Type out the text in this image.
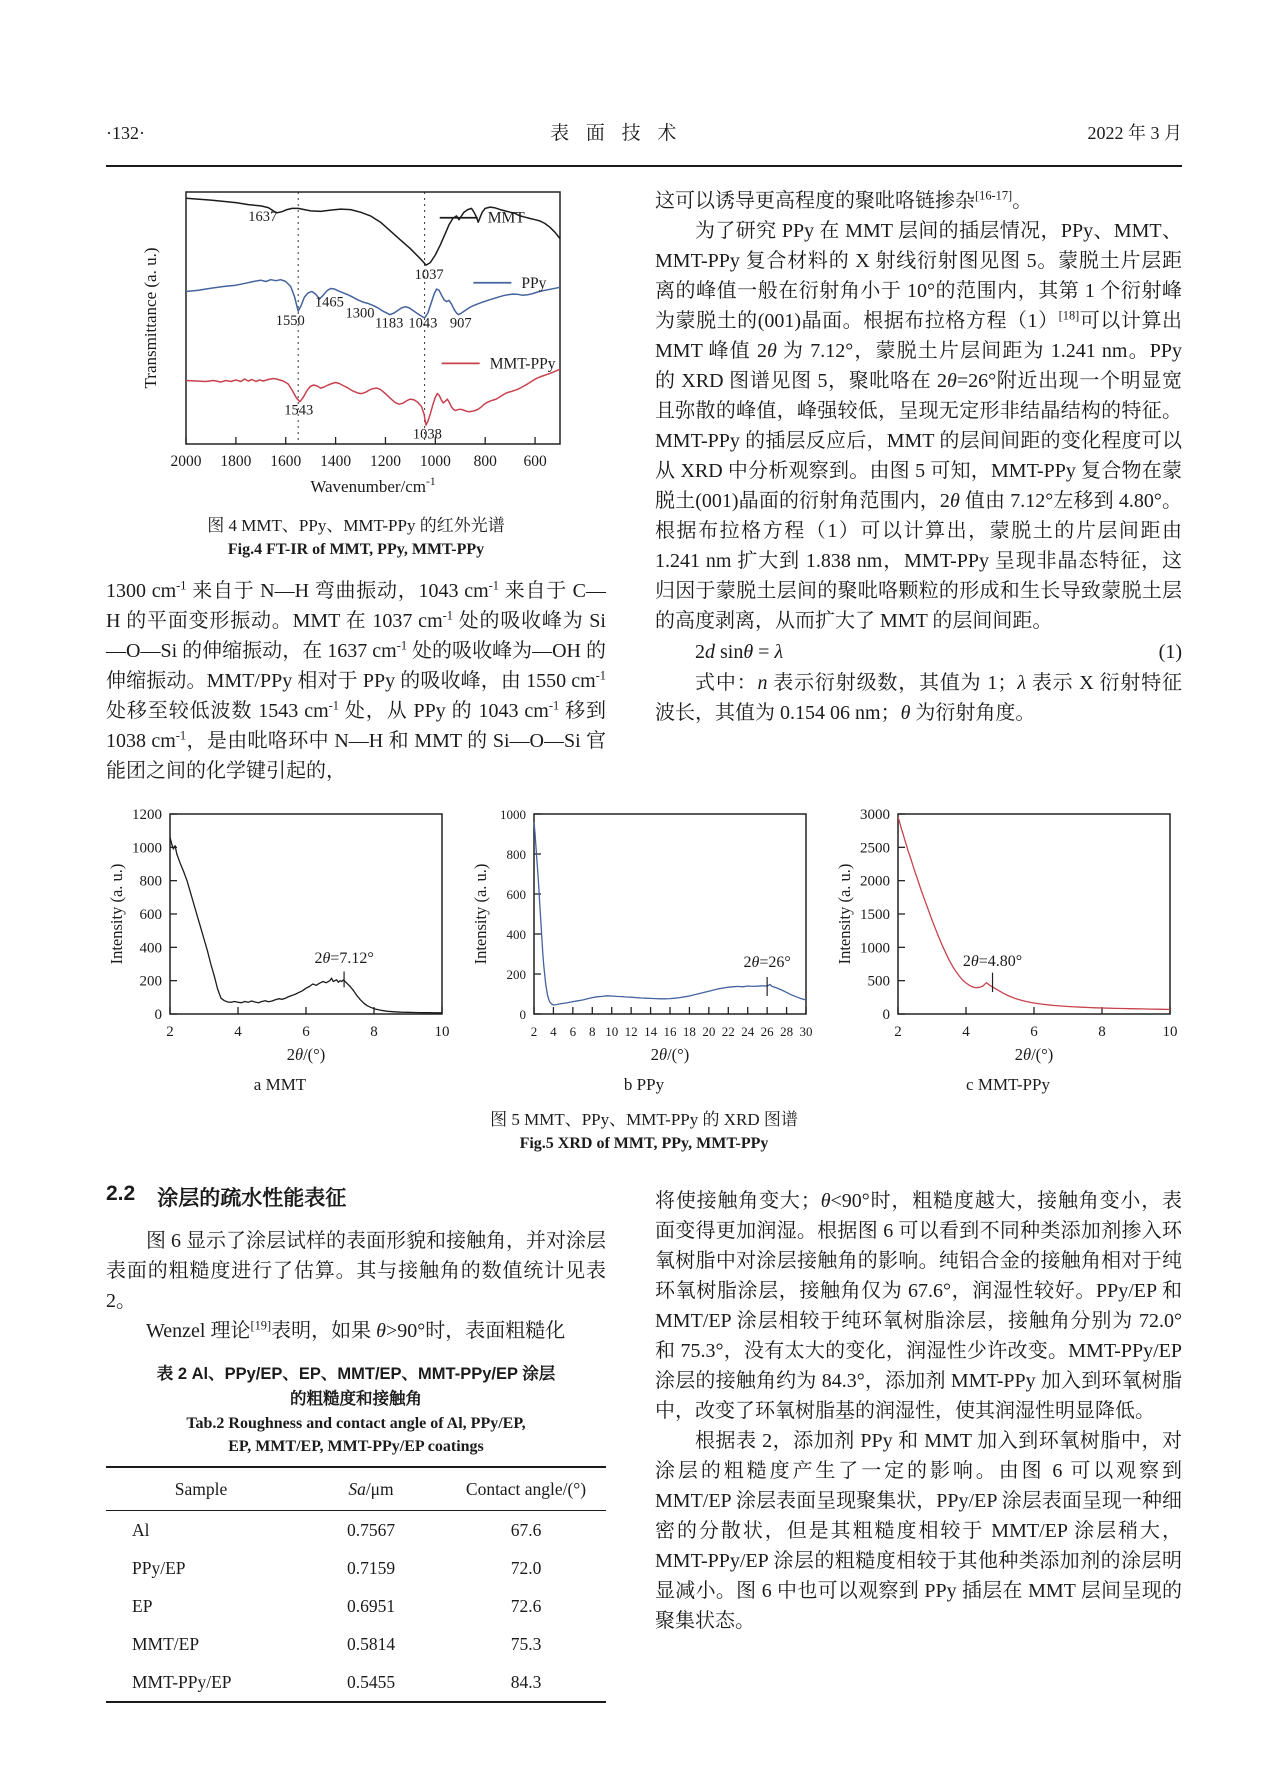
·132·	表 面 技 术	2022 年 3 月
2000 1800 1600 1400 1200 1000 800 600
1637
1037
1550
1465
1300
1183 1043 907
1543
1038
MMT
PPy
MMT-PPy
Wavenumber/$cm^{-1}$
Transmittance (a. u.)
图 4 MMT、PPy、MMT-PPy 的红外光谱
Fig.4 FT-IR of MMT, PPy, MMT-PPy

1300 $cm^{-1}$ 来自于 N—H 弯曲振动，1043 $cm^{-1}$ 来自于 C—H 的平面变形振动。MMT 在 1037 $cm^{-1}$ 处的吸收峰为 Si—O—Si 的伸缩振动，在 1637 $cm^{-1}$ 处的吸收峰为—OH 的伸缩振动。MMT/PPy 相对于 PPy 的吸收峰，由 1550 $cm^{-1}$ 处移至较低波数 1543 $cm^{-1}$ 处，从 PPy 的 1043 $cm^{-1}$ 移到 1038 $cm^{-1}$，是由吡咯环中 N—H 和 MMT 的 Si—O—Si 官能团之间的化学键引起的，

这可以诱导更高程度的聚吡咯链掺杂[16-17]。

为了研究 PPy 在 MMT 层间的插层情况，PPy、MMT、MMT-PPy 复合材料的 X 射线衍射图见图 5。蒙脱土片层距离的峰值一般在衍射角小于 10°的范围内，其第 1 个衍射峰为蒙脱土的(001)晶面。根据布拉格方程（1）[18]可以计算出 MMT 峰值 2θ 为 7.12°，蒙脱土片层间距为 1.241 nm。PPy 的 XRD 图谱见图 5，聚吡咯在 2θ=26°附近出现一个明显宽且弥散的峰值，峰强较低，呈现无定形非结晶结构的特征。MMT-PPy 的插层反应后，MMT 的层间间距的变化程度可以从 XRD 中分析观察到。由图 5 可知，MMT-PPy 复合物在蒙脱土(001)晶面的衍射角范围内，2θ 值由 7.12°左移到 4.80°。根据布拉格方程（1）可以计算出，蒙脱土的片层间距由 1.241 nm 扩大到 1.838 nm，MMT-PPy 呈现非晶态特征，这归因于蒙脱土层间的聚吡咯颗粒的形成和生长导致蒙脱土层的高度剥离，从而扩大了 MMT 的层间间距。

2d sinθ = λ	(1)

式中：n 表示衍射级数，其值为 1；λ 表示 X 衍射特征波长，其值为 0.154 06 nm；θ 为衍射角度。

2	4	6	8	10
0
200
400
600
800
1000
1200
2θ=7.12°
2θ/(°)
Intensity (a. u.)
a MMT
2 4 6 8 10 12 14 16 18 20 22 24 26 28 30
0
200
400
600
800
1000
2θ=26°
2θ/(°)
Intensity (a. u.)
b PPy
2	4	6	8	10
0
500
1000
1500
2000
2500
3000
2θ=4.80°
2θ/(°)
Intensity (a. u.)
c MMT-PPy
图 5 MMT、PPy、MMT-PPy 的 XRD 图谱
Fig.5 XRD of MMT, PPy, MMT-PPy
2.2 涂层的疏水性能表征

图 6 显示了涂层试样的表面形貌和接触角，并对涂层表面的粗糙度进行了估算。其与接触角的数值统计见表 2。

Wenzel 理论[19]表明，如果 θ>90°时，表面粗糙化

表 2 Al、PPy/EP、EP、MMT/EP、MMT-PPy/EP 涂层
的粗糙度和接触角
Tab.2 Roughness and contact angle of Al, PPy/EP,
EP, MMT/EP, MMT-PPy/EP coatings
Sample	Sa/μm	Contact angle/(°)
Al	0.7567	67.6
PPy/EP	0.7159	72.0
EP	0.6951	72.6
MMT/EP	0.5814	75.3
MMT-PPy/EP	0.5455	84.3

将使接触角变大；θ<90°时，粗糙度越大，接触角变小，表面变得更加润湿。根据图 6 可以看到不同种类添加剂掺入环氧树脂中对涂层接触角的影响。纯铝合金的接触角相对于纯环氧树脂涂层，接触角仅为 67.6°，润湿性较好。PPy/EP 和 MMT/EP 涂层相较于纯环氧树脂涂层，接触角分别为 72.0°和 75.3°，没有太大的变化，润湿性少许改变。MMT-PPy/EP 涂层的接触角约为 84.3°，添加剂 MMT-PPy 加入到环氧树脂中，改变了环氧树脂基的润湿性，使其润湿性明显降低。

根据表 2，添加剂 PPy 和 MMT 加入到环氧树脂中，对涂层的粗糙度产生了一定的影响。由图 6 可以观察到 MMT/EP 涂层表面呈现聚集状，PPy/EP 涂层表面呈现一种细密的分散状，但是其粗糙度相较于 MMT/EP 涂层稍大，MMT-PPy/EP 涂层的粗糙度相较于其他种类添加剂的涂层明显减小。图 6 中也可以观察到 PPy 插层在 MMT 层间呈现的聚集状态。
